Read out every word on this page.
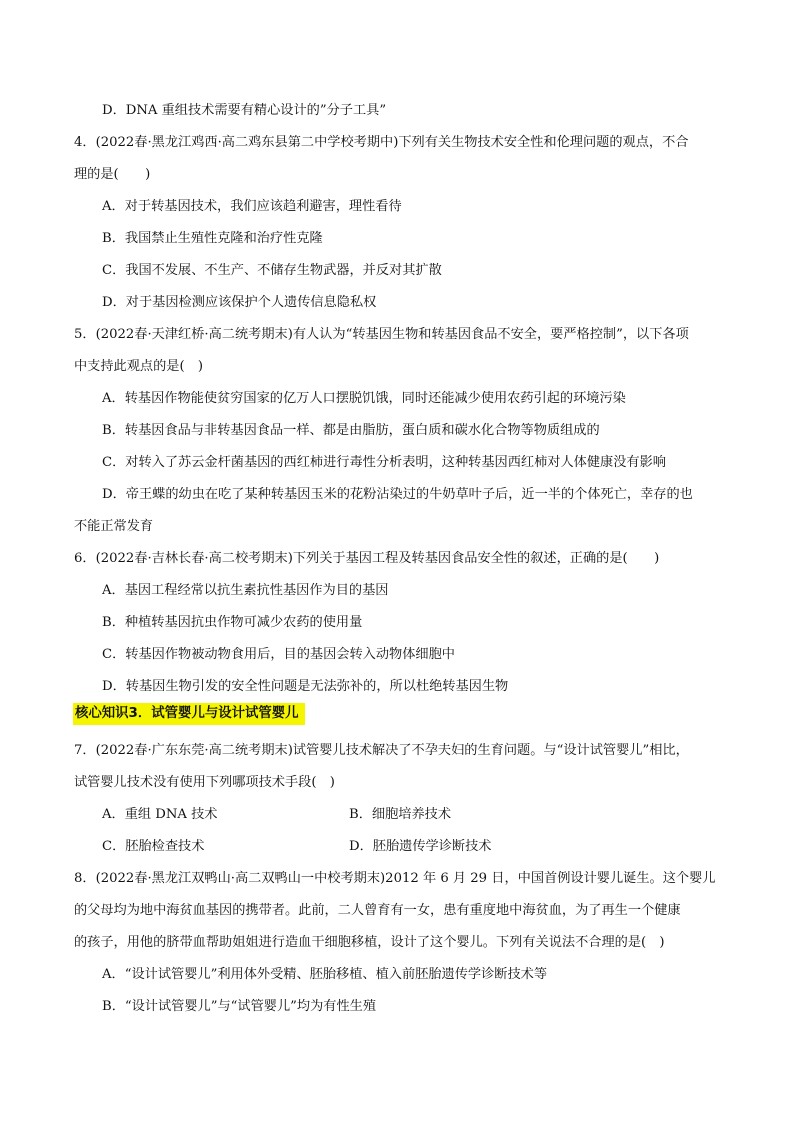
D．DNA 重组技术需要有精心设计的”分子工具”
4．(2022春·黑龙江鸡西·高二鸡东县第二中学校考期中)下列有关生物技术安全性和伦理问题的观点，不合
理的是(　　)
A．对于转基因技术，我们应该趋利避害，理性看待
B．我国禁止生殖性克隆和治疗性克隆
C．我国不发展、不生产、不储存生物武器，并反对其扩散
D．对于基因检测应该保护个人遗传信息隐私权
5．(2022春·天津红桥·高二统考期末)有人认为“转基因生物和转基因食品不安全，要严格控制”，以下各项
中支持此观点的是(　)
A．转基因作物能使贫穷国家的亿万人口摆脱饥饿，同时还能减少使用农药引起的环境污染
B．转基因食品与非转基因食品一样、都是由脂肪，蛋白质和碳水化合物等物质组成的
C．对转入了苏云金杆菌基因的西红柿进行毒性分析表明，这种转基因西红柿对人体健康没有影响
D．帝王蝶的幼虫在吃了某种转基因玉米的花粉沾染过的牛奶草叶子后，近一半的个体死亡，幸存的也
不能正常发育
6．(2022春·吉林长春·高二校考期末)下列关于基因工程及转基因食品安全性的叙述，正确的是(　　)
A．基因工程经常以抗生素抗性基因作为目的基因
B．种植转基因抗虫作物可减少农药的使用量
C．转基因作物被动物食用后，目的基因会转入动物体细胞中
D．转基因生物引发的安全性问题是无法弥补的，所以杜绝转基因生物
核心知识3．试管婴儿与设计试管婴儿
7．(2022春·广东东莞·高二统考期末)试管婴儿技术解决了不孕夫妇的生育问题。与“设计试管婴儿”相比，
试管婴儿技术没有使用下列哪项技术手段(　)
A．重组 DNA 技术	B．细胞培养技术
C．胚胎检查技术	D．胚胎遗传学诊断技术
8．(2022春·黑龙江双鸭山·高二双鸭山一中校考期末)2012 年 6 月 29 日，中国首例设计婴儿诞生。这个婴儿
的父母均为地中海贫血基因的携带者。此前，二人曾育有一女，患有重度地中海贫血，为了再生一个健康
的孩子，用他的脐带血帮助姐姐进行造血干细胞移植，设计了这个婴儿。下列有关说法不合理的是(　)
A．“设计试管婴儿”利用体外受精、胚胎移植、植入前胚胎遗传学诊断技术等
B．“设计试管婴儿”与“试管婴儿”均为有性生殖
